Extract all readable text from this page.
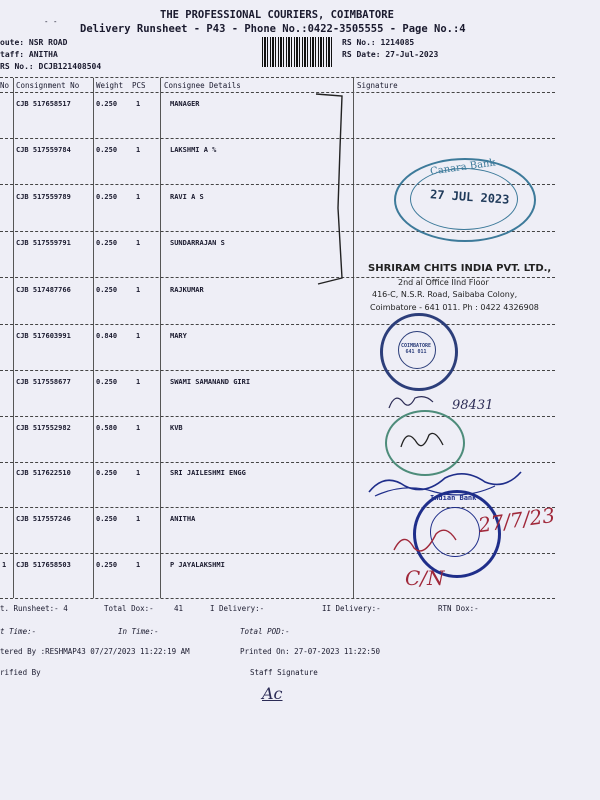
- -
THE PROFESSIONAL COURIERS, COIMBATORE
Delivery Runsheet - P43 - Phone No.:0422-3505555 - Page No.:4
oute: NSR ROAD
taff: ANITHA
RS No.: DCJB121408504
RS No.: 1214085
RS Date: 27-Jul-2023
No Consignment No Weight PCS Consignee Details	Signature
CJB 517658517	0.250	1	MANAGER
CJB 517559784	0.250	1	LAKSHMI A %
CJB 517559789	0.250	1	RAVI A S
CJB 517559791	0.250	1	SUNDARRAJAN S
CJB 517487766	0.250	1	RAJKUMAR
CJB 517603991	0.840	1	MARY
CJB 517558677	0.250	1	SWAMI SAMANAND GIRI
CJB 517552982	0.580	1	KVB
CJB 517622510	0.250	1	SRI JAILESHMI ENGG
CJB 517557246	0.250	1	ANITHA
1 CJB 517658503	0.250	1	P JAYALAKSHMI
Canara Bank
27 JUL 2023
SHRIRAM CHITS INDIA PVT. LTD.,
2nd al Office IInd Floor
416-C, N.S.R. Road, Saibaba Colony,
Coimbatore - 641 011. Ph : 0422 4326908
COIMBATORE 641 011
98431
Indian Bank
27/7/23
C/N
t. Runsheet:- 4	Total Dox:-	41	I Delivery:-	II Delivery:-	RTN Dox:-
t Time:-	In Time:-	Total POD:-
tered By :RESHMAP43 07/27/2023 11:22:19 AM	Printed On: 27-07-2023 11:22:50
rified By	Staff Signature
Ac
